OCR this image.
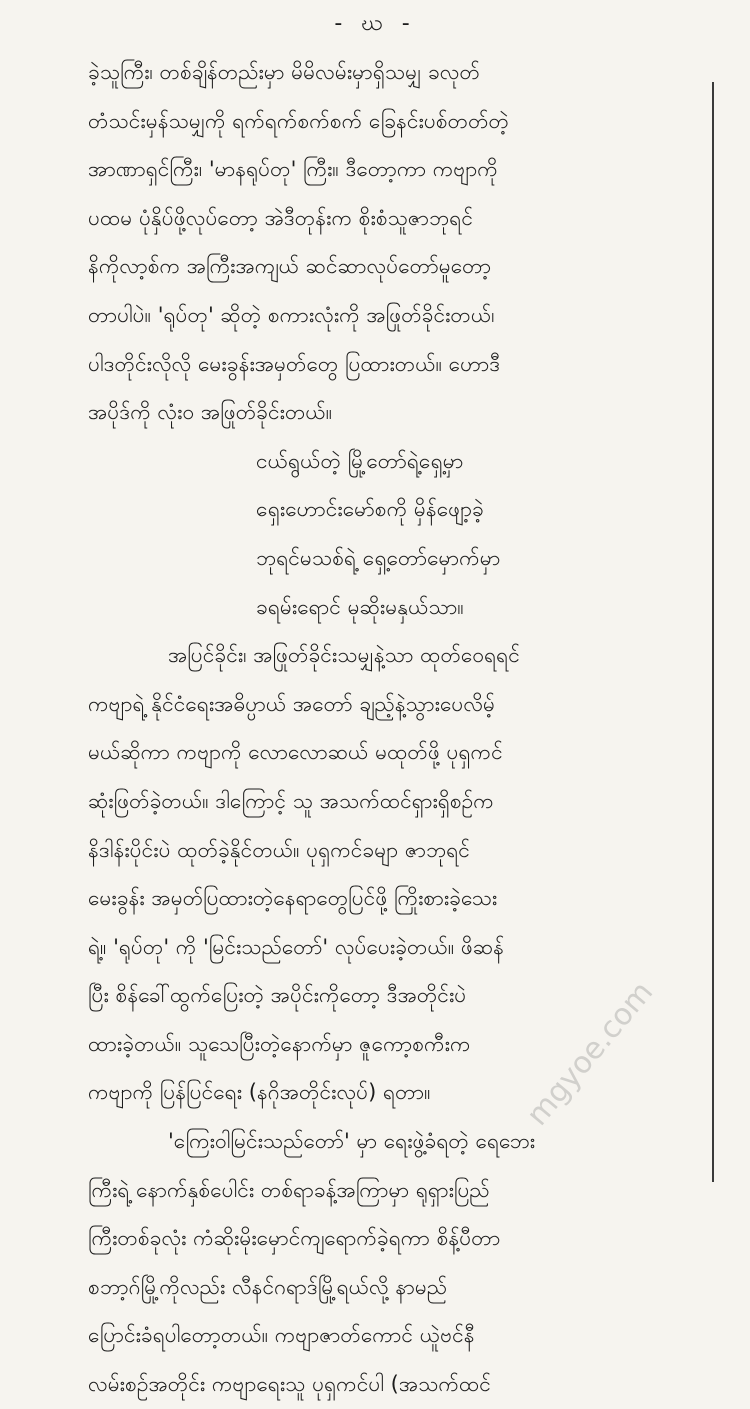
- ဃ -
ခဲ့သူကြီး၊ တစ်ချိန်တည်းမှာ မိမိလမ်းမှာရှိသမျှ ခလုတ်
တံသင်းမှန်သမျှကို ရက်ရက်စက်စက် ခြေနင်းပစ်တတ်တဲ့
အာဏာရှင်ကြီး၊ 'မာနရုပ်တု' ကြီး။ ဒီတော့ကာ ကဗျာကို
ပထမ ပုံနှိပ်ဖို့လုပ်တော့ အဲဒီတုန်းက စိုးစံသူဇာဘုရင်
နိကိုလာ့စ်က အကြီးအကျယ် ဆင်ဆာလုပ်တော်မူတော့
တာပါပဲ။ 'ရုပ်တု' ဆိုတဲ့ စကားလုံးကို အဖြုတ်ခိုင်းတယ်၊
ပါဒတိုင်းလိုလို မေးခွန်းအမှတ်တွေ ပြထားတယ်။ ဟောဒီ
အပိုဒ်ကို လုံးဝ အဖြုတ်ခိုင်းတယ်။
ငယ်ရွယ်တဲ့ မြို့တော်ရဲ့ရှေ့မှာ
ရှေးဟောင်းမော်စကို မှိန်ဖျော့ခဲ့
ဘုရင်မသစ်ရဲ့ ရှေ့တော်မှောက်မှာ
ခရမ်းရောင် မုဆိုးမနှယ်သာ။
အပြင်ခိုင်း၊ အဖြုတ်ခိုင်းသမျှနဲ့သာ ထုတ်ဝေရရင်
ကဗျာရဲ့ နိုင်ငံရေးအဓိပ္ပာယ် အတော် ချည့်နဲ့သွားပေလိမ့်
မယ်ဆိုကာ ကဗျာကို လောလောဆယ် မထုတ်ဖို့ ပုရှကင်
ဆုံးဖြတ်ခဲ့တယ်။ ဒါကြောင့် သူ အသက်ထင်ရှားရှိစဉ်က
နိဒါန်းပိုင်းပဲ ထုတ်ခဲ့နိုင်တယ်။ ပုရှကင်ခမျာ ဇာဘုရင်
မေးခွန်း အမှတ်ပြထားတဲ့နေရာတွေပြင်ဖို့ ကြိုးစားခဲ့သေး
ရဲ့။ 'ရုပ်တု' ကို 'မြင်းသည်တော်' လုပ်ပေးခဲ့တယ်။ ဖိဆန်
ပြီး စိန်ခေါ်ထွက်ပြေးတဲ့ အပိုင်းကိုတော့ ဒီအတိုင်းပဲ
ထားခဲ့တယ်။ သူသေပြီးတဲ့နောက်မှာ ဇူကော့စကီးက
ကဗျာကို ပြန်ပြင်ရေး (နဂိုအတိုင်းလုပ်) ရတာ။
'ကြေးဝါမြင်းသည်တော်' မှာ ရေးဖွဲ့ခံရတဲ့ ရေဘေး
ကြီးရဲ့ နောက်နှစ်ပေါင်း တစ်ရာခန့်အကြာမှာ ရုရှားပြည်
ကြီးတစ်ခုလုံး ကံဆိုးမိုးမှောင်ကျရောက်ခဲ့ရကာ စိန့်ပီတာ
စဘာ့ဂ်မြို့ကိုလည်း လီနင်ဂရာဒ်မြို့ရယ်လို့ နာမည်
ပြောင်းခံရပါတော့တယ်။ ကဗျာဇာတ်ကောင် ယူဲဗင်နီ
လမ်းစဉ်အတိုင်း ကဗျာရေးသူ ပုရှကင်ပါ (အသက်ထင်
mgyoe.com
